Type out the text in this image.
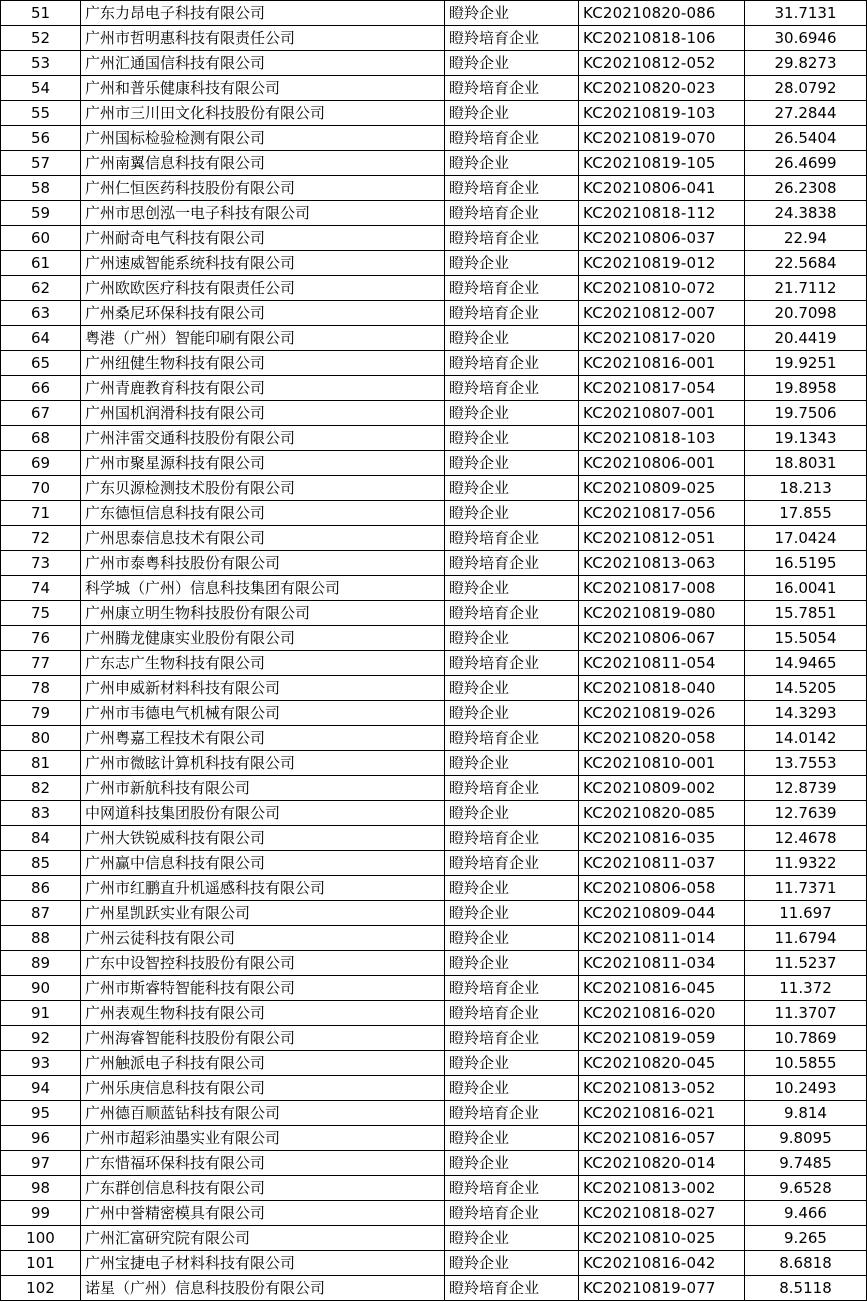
51	广东力昂电子科技有限公司	瞪羚企业	KC20210820-086	31.7131
52	广州市哲明惠科技有限责任公司	瞪羚培育企业	KC20210818-106	30.6946
53	广州汇通国信科技有限公司	瞪羚企业	KC20210812-052	29.8273
54	广州和普乐健康科技有限公司	瞪羚培育企业	KC20210820-023	28.0792
55	广州市三川田文化科技股份有限公司	瞪羚企业	KC20210819-103	27.2844
56	广州国标检验检测有限公司	瞪羚培育企业	KC20210819-070	26.5404
57	广州南翼信息科技有限公司	瞪羚企业	KC20210819-105	26.4699
58	广州仁恒医药科技股份有限公司	瞪羚培育企业	KC20210806-041	26.2308
59	广州市思创泓一电子科技有限公司	瞪羚培育企业	KC20210818-112	24.3838
60	广州耐奇电气科技有限公司	瞪羚培育企业	KC20210806-037	22.94
61	广州速威智能系统科技有限公司	瞪羚企业	KC20210819-012	22.5684
62	广州欧欧医疗科技有限责任公司	瞪羚培育企业	KC20210810-072	21.7112
63	广州桑尼环保科技有限公司	瞪羚培育企业	KC20210812-007	20.7098
64	粤港（广州）智能印刷有限公司	瞪羚企业	KC20210817-020	20.4419
65	广州纽健生物科技有限公司	瞪羚培育企业	KC20210816-001	19.9251
66	广州青鹿教育科技有限公司	瞪羚培育企业	KC20210817-054	19.8958
67	广州国机润滑科技有限公司	瞪羚企业	KC20210807-001	19.7506
68	广州沣雷交通科技股份有限公司	瞪羚企业	KC20210818-103	19.1343
69	广州市聚星源科技有限公司	瞪羚企业	KC20210806-001	18.8031
70	广东贝源检测技术股份有限公司	瞪羚企业	KC20210809-025	18.213
71	广东德恒信息科技有限公司	瞪羚企业	KC20210817-056	17.855
72	广州思泰信息技术有限公司	瞪羚培育企业	KC20210812-051	17.0424
73	广州市泰粤科技股份有限公司	瞪羚培育企业	KC20210813-063	16.5195
74	科学城（广州）信息科技集团有限公司	瞪羚企业	KC20210817-008	16.0041
75	广州康立明生物科技股份有限公司	瞪羚培育企业	KC20210819-080	15.7851
76	广州腾龙健康实业股份有限公司	瞪羚企业	KC20210806-067	15.5054
77	广东志广生物科技有限公司	瞪羚培育企业	KC20210811-054	14.9465
78	广州申威新材料科技有限公司	瞪羚企业	KC20210818-040	14.5205
79	广州市韦德电气机械有限公司	瞪羚企业	KC20210819-026	14.3293
80	广州粤嘉工程技术有限公司	瞪羚培育企业	KC20210820-058	14.0142
81	广州市微眩计算机科技有限公司	瞪羚企业	KC20210810-001	13.7553
82	广州市新航科技有限公司	瞪羚培育企业	KC20210809-002	12.8739
83	中网道科技集团股份有限公司	瞪羚企业	KC20210820-085	12.7639
84	广州大铁锐威科技有限公司	瞪羚培育企业	KC20210816-035	12.4678
85	广州赢中信息科技有限公司	瞪羚培育企业	KC20210811-037	11.9322
86	广州市红鹏直升机遥感科技有限公司	瞪羚企业	KC20210806-058	11.7371
87	广州星凯跃实业有限公司	瞪羚企业	KC20210809-044	11.697
88	广州云徒科技有限公司	瞪羚企业	KC20210811-014	11.6794
89	广东中设智控科技股份有限公司	瞪羚企业	KC20210811-034	11.5237
90	广州市斯睿特智能科技有限公司	瞪羚培育企业	KC20210816-045	11.372
91	广州表观生物科技有限公司	瞪羚培育企业	KC20210816-020	11.3707
92	广州海睿智能科技股份有限公司	瞪羚培育企业	KC20210819-059	10.7869
93	广州触派电子科技有限公司	瞪羚企业	KC20210820-045	10.5855
94	广州乐庚信息科技有限公司	瞪羚企业	KC20210813-052	10.2493
95	广州德百顺蓝钻科技有限公司	瞪羚培育企业	KC20210816-021	9.814
96	广州市超彩油墨实业有限公司	瞪羚企业	KC20210816-057	9.8095
97	广东惜福环保科技有限公司	瞪羚企业	KC20210820-014	9.7485
98	广东群创信息科技有限公司	瞪羚培育企业	KC20210813-002	9.6528
99	广州中誉精密模具有限公司	瞪羚培育企业	KC20210818-027	9.466
100	广州汇富研究院有限公司	瞪羚企业	KC20210810-025	9.265
101	广州宝捷电子材料科技有限公司	瞪羚企业	KC20210816-042	8.6818
102	诺星（广州）信息科技股份有限公司	瞪羚培育企业	KC20210819-077	8.5118
